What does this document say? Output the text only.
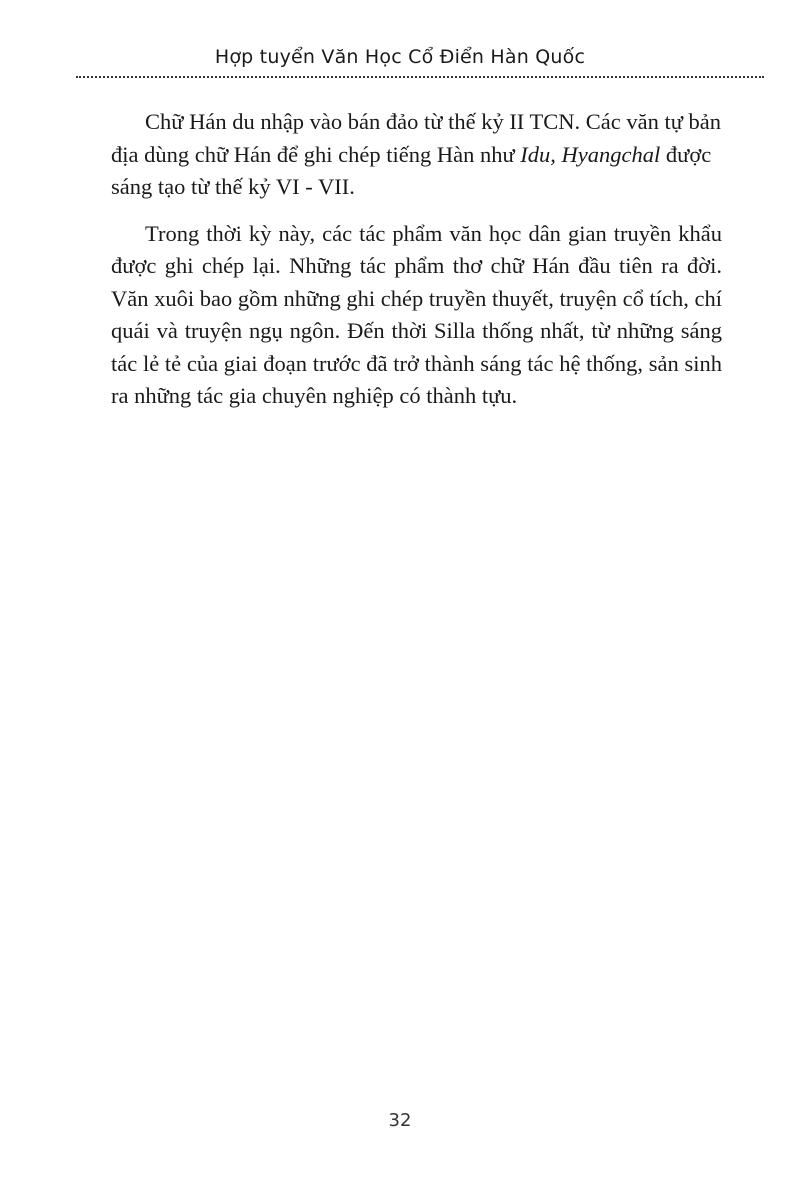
Hợp tuyển Văn Học Cổ Điển Hàn Quốc

Chữ Hán du nhập vào bán đảo từ thế kỷ II TCN. Các văn tự bản địa dùng chữ Hán để ghi chép tiếng Hàn như Idu, Hyangchal được sáng tạo từ thế kỷ VI - VII.

Trong thời kỳ này, các tác phẩm văn học dân gian truyền khẩu được ghi chép lại. Những tác phẩm thơ chữ Hán đầu tiên ra đời. Văn xuôi bao gồm những ghi chép truyền thuyết, truyện cổ tích, chí quái và truyện ngụ ngôn. Đến thời Silla thống nhất, từ những sáng tác lẻ tẻ của giai đoạn trước đã trở thành sáng tác hệ thống, sản sinh ra những tác gia chuyên nghiệp có thành tựu.

32
